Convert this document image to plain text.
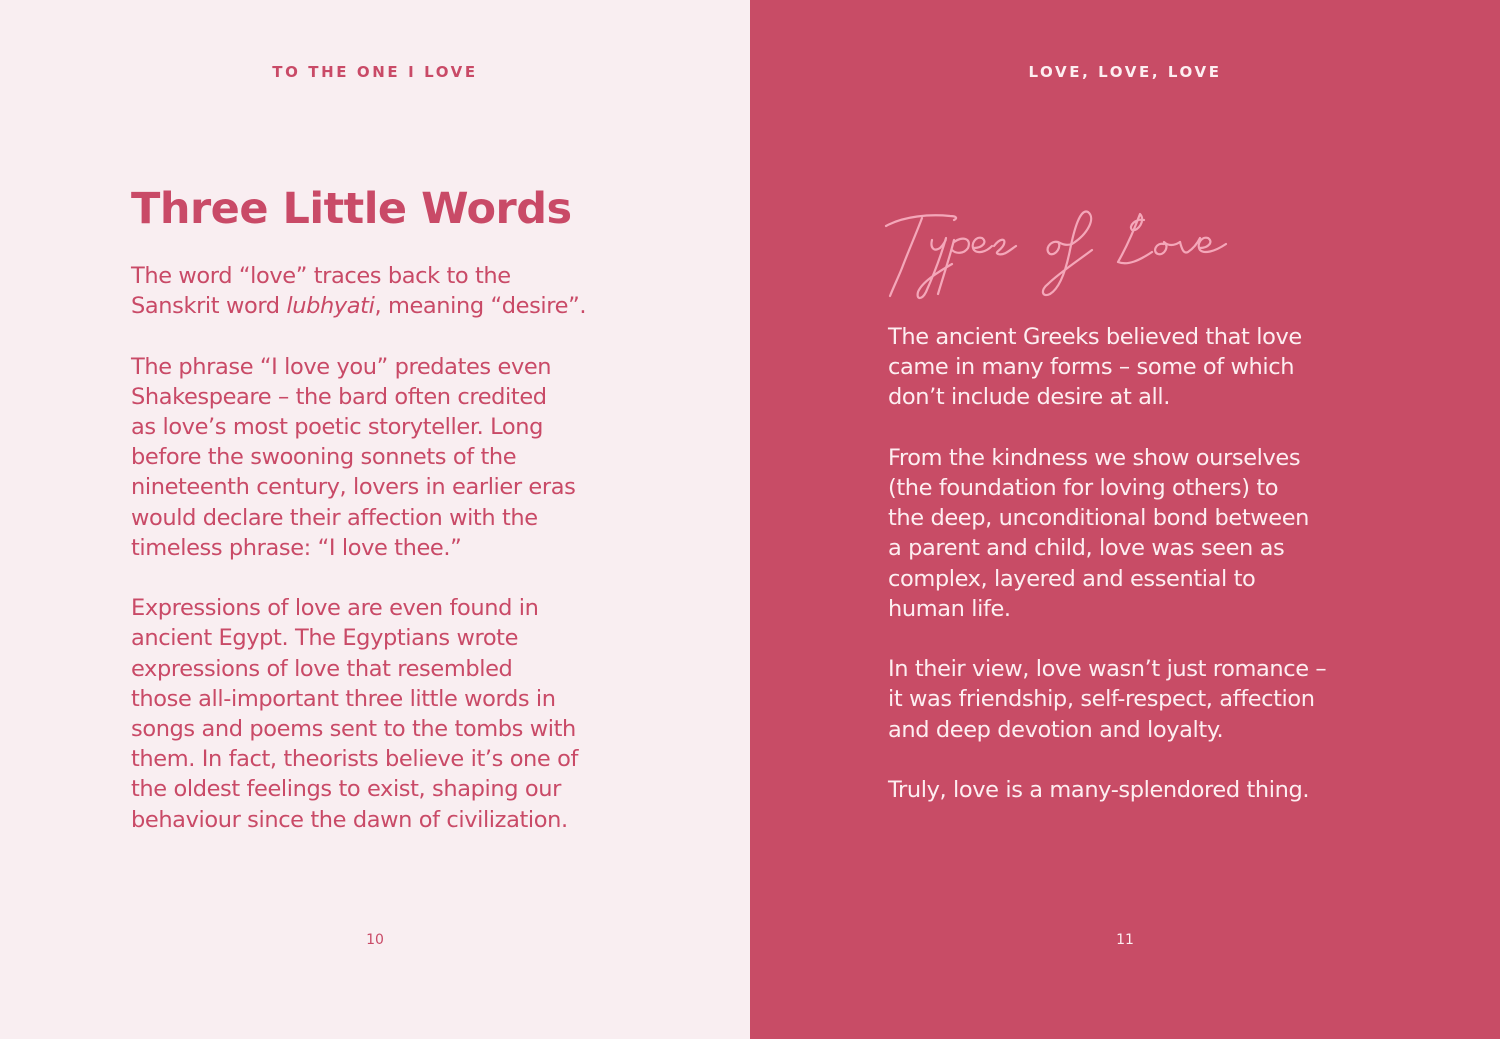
TO THE ONE I LOVE
Three Little Words

The word “love” traces back to the
Sanskrit word lubhyati, meaning “desire”.

The phrase “I love you” predates even
Shakespeare – the bard often credited
as love’s most poetic storyteller. Long
before the swooning sonnets of the
nineteenth century, lovers in earlier eras
would declare their affection with the
timeless phrase: “I love thee.”

Expressions of love are even found in
ancient Egypt. The Egyptians wrote
expressions of love that resembled
those all-important three little words in
songs and poems sent to the tombs with
them. In fact, theorists believe it’s one of
the oldest feelings to exist, shaping our
behaviour since the dawn of civilization.

10
LOVE, LOVE, LOVE

The ancient Greeks believed that love
came in many forms – some of which
don’t include desire at all.

From the kindness we show ourselves
(the foundation for loving others) to
the deep, unconditional bond between
a parent and child, love was seen as
complex, layered and essential to
human life.

In their view, love wasn’t just romance –
it was friendship, self-respect, affection
and deep devotion and loyalty.

Truly, love is a many-splendored thing.

11
